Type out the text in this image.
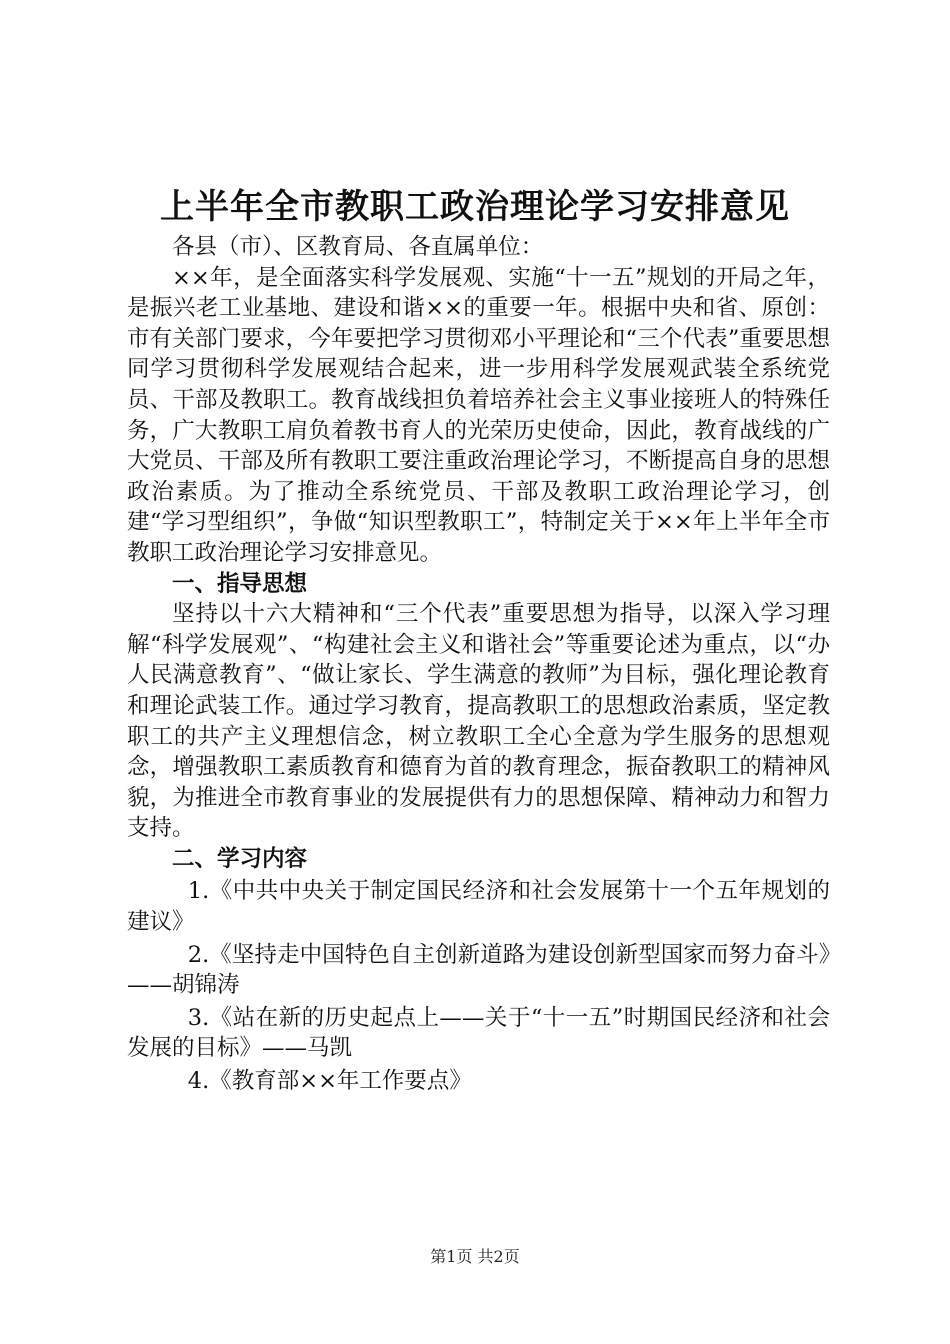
上半年全市教职工政治理论学习安排意见

各县（市）、区教育局、各直属单位：

××年，是全面落实科学发展观、实施“十一五”规划的开局之年，是振兴老工业基地、建设和谐××的重要一年。根据中央和省、原创：市有关部门要求，今年要把学习贯彻邓小平理论和“三个代表”重要思想同学习贯彻科学发展观结合起来，进一步用科学发展观武装全系统党员、干部及教职工。教育战线担负着培养社会主义事业接班人的特殊任务，广大教职工肩负着教书育人的光荣历史使命，因此，教育战线的广大党员、干部及所有教职工要注重政治理论学习，不断提高自身的思想政治素质。为了推动全系统党员、干部及教职工政治理论学习，创建“学习型组织”，争做“知识型教职工”，特制定关于××年上半年全市教职工政治理论学习安排意见。

一、指导思想

坚持以十六大精神和“三个代表”重要思想为指导，以深入学习理解“科学发展观”、“构建社会主义和谐社会”等重要论述为重点，以“办人民满意教育”、“做让家长、学生满意的教师”为目标，强化理论教育和理论武装工作。通过学习教育，提高教职工的思想政治素质，坚定教职工的共产主义理想信念，树立教职工全心全意为学生服务的思想观念，增强教职工素质教育和德育为首的教育理念，振奋教职工的精神风貌，为推进全市教育事业的发展提供有力的思想保障、精神动力和智力支持。

二、学习内容

1.《中共中央关于制定国民经济和社会发展第十一个五年规划的建议》

2.《坚持走中国特色自主创新道路为建设创新型国家而努力奋斗》——胡锦涛

3.《站在新的历史起点上——关于“十一五”时期国民经济和社会发展的目标》——马凯

4.《教育部××年工作要点》

第1页 共2页
